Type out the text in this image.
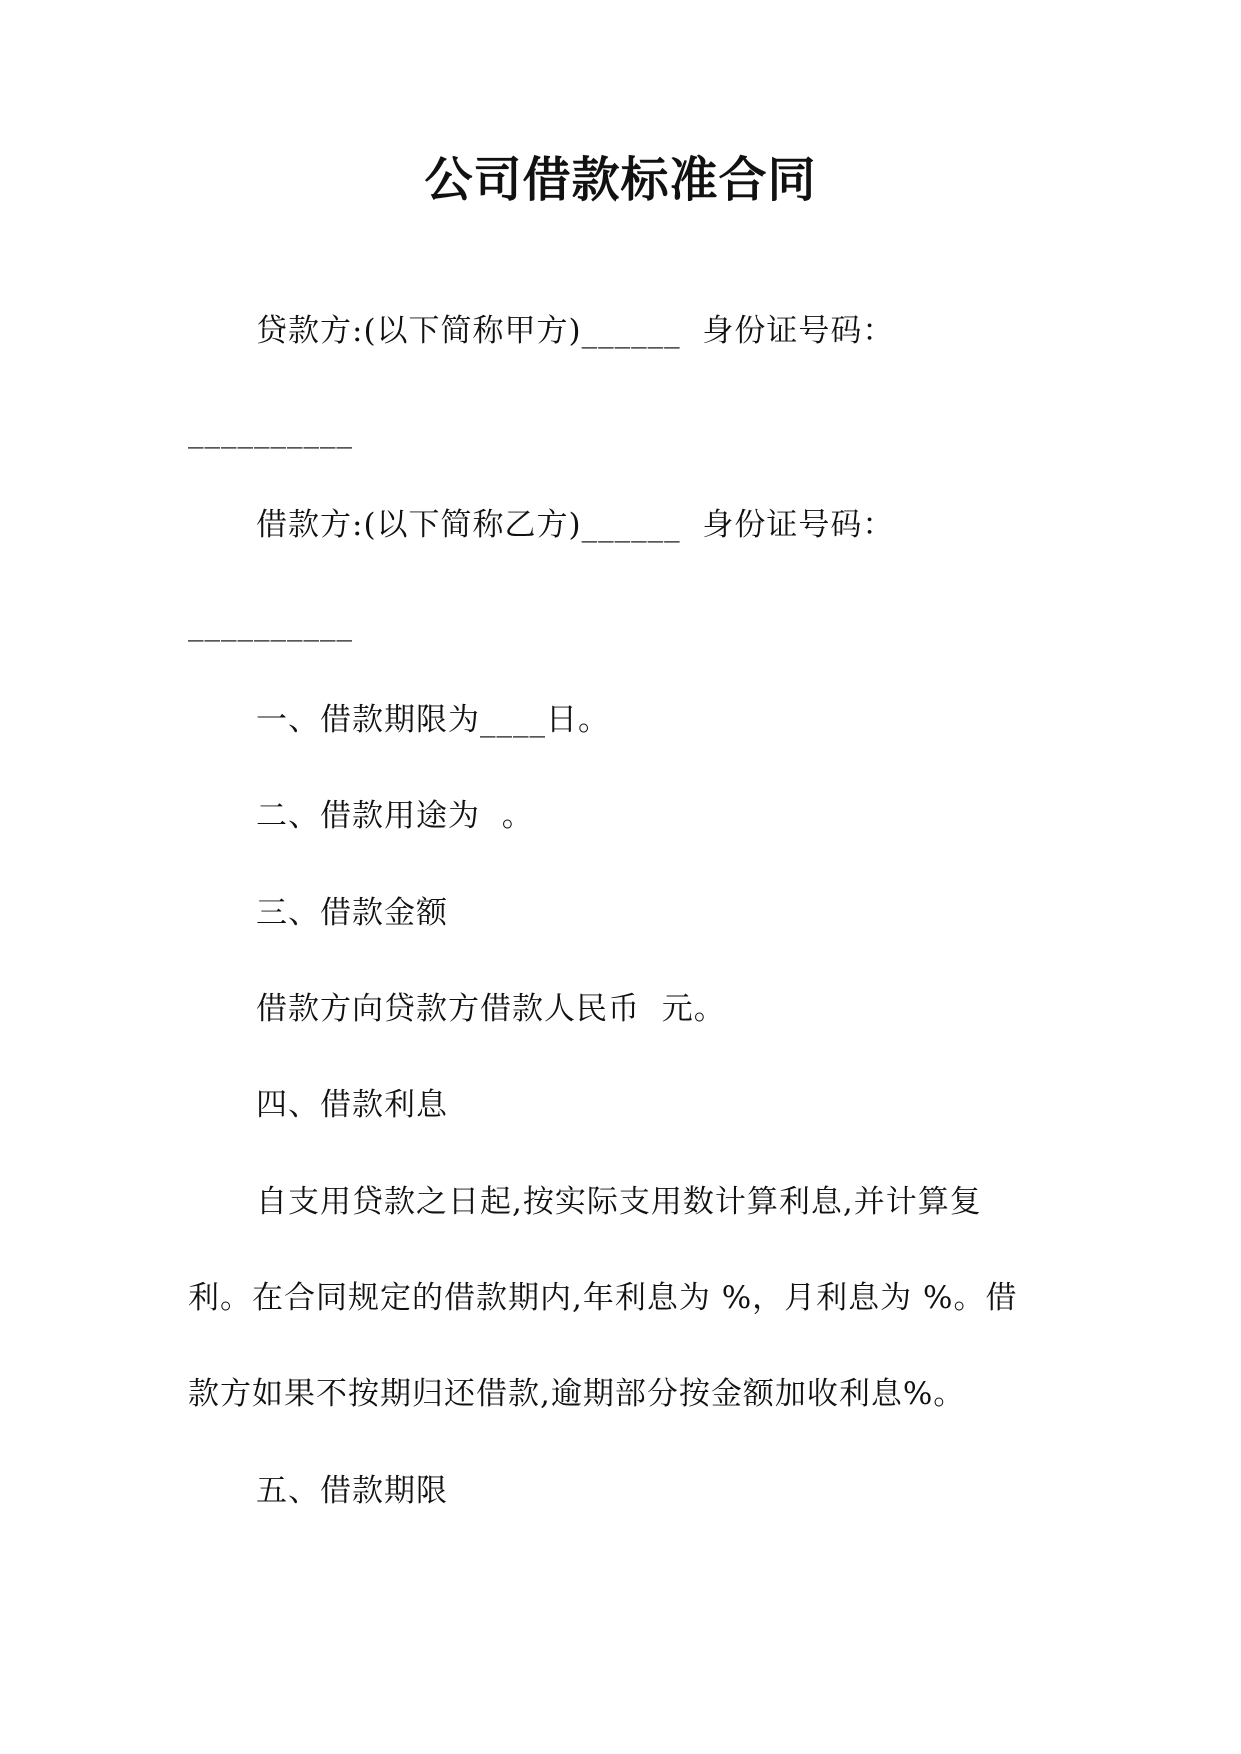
公司借款标准合同
贷款方:(以下简称甲方)______  身份证号码：
__________
借款方:(以下简称乙方)______  身份证号码：
__________
一、借款期限为____日。
二、借款用途为  。
三、借款金额
借款方向贷款方借款人民币  元。
四、借款利息
自支用贷款之日起,按实际支用数计算利息,并计算复
利。在合同规定的借款期内,年利息为 %，月利息为 %。借
款方如果不按期归还借款,逾期部分按金额加收利息%。
五、借款期限
